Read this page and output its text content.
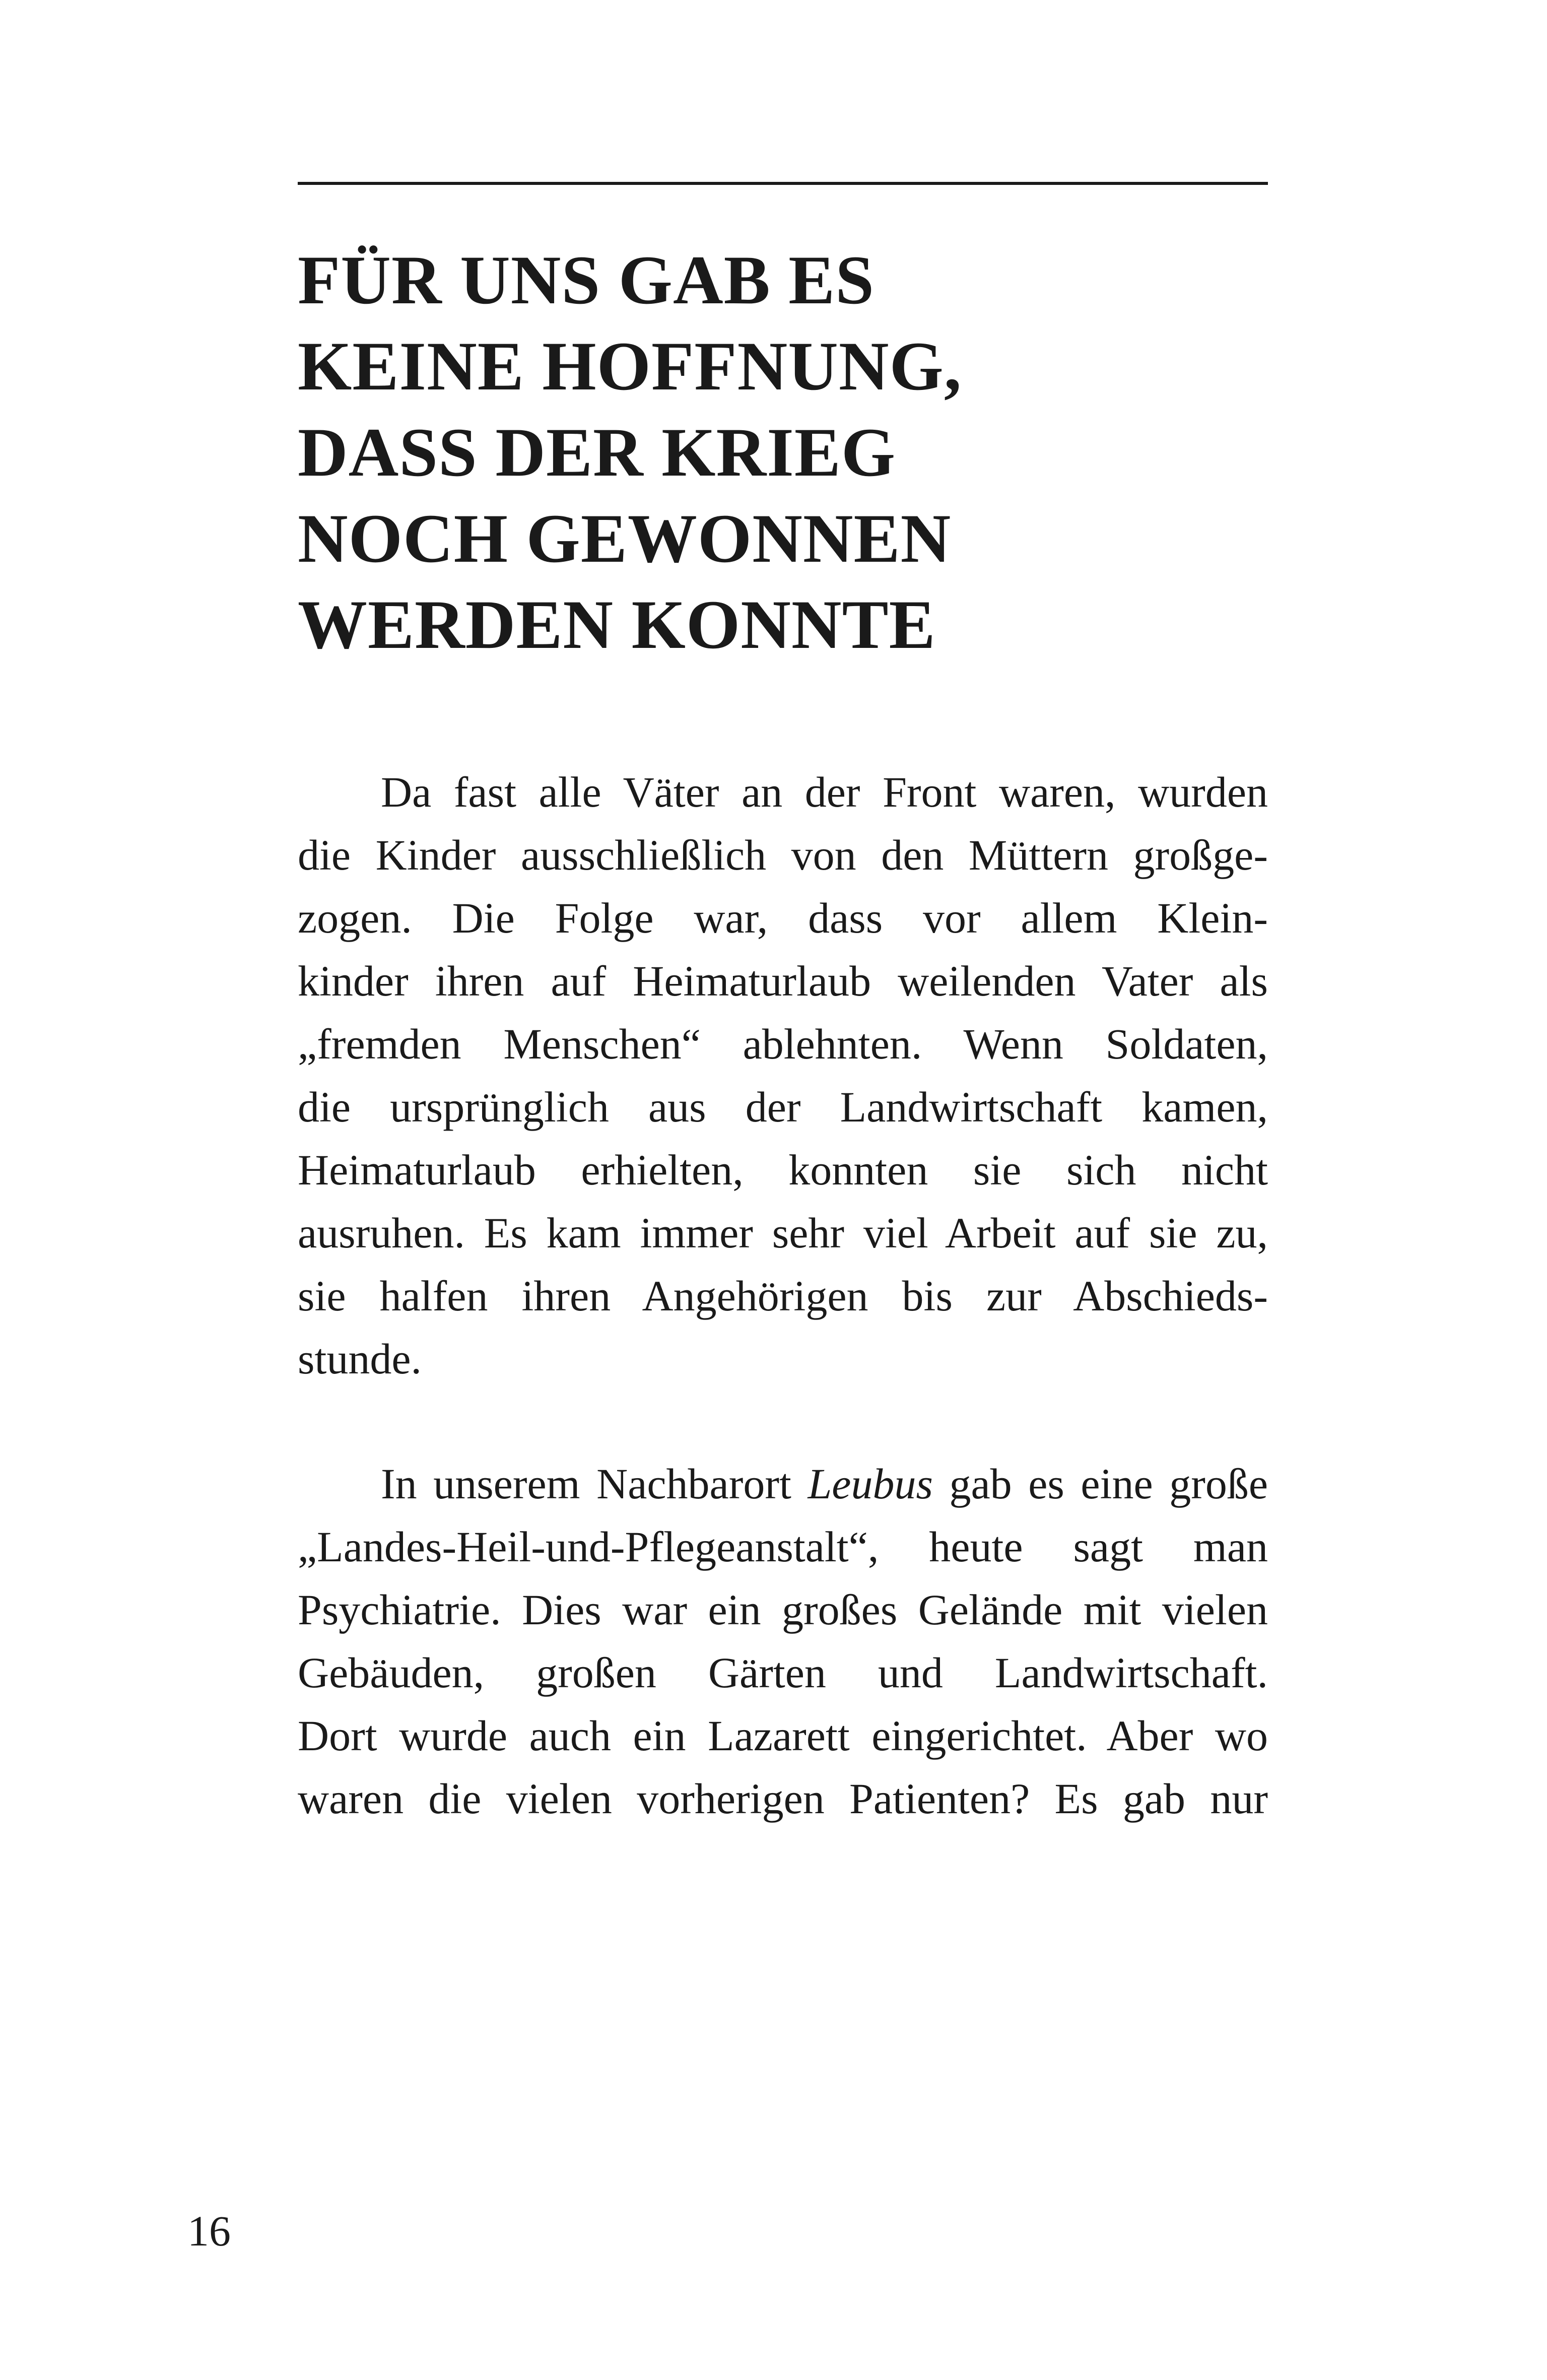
FÜR UNS GAB ES
KEINE HOFFNUNG,
DASS DER KRIEG
NOCH GEWONNEN
WERDEN KONNTE
Da fast alle Väter an der Front waren, wurden
die Kinder ausschließlich von den Müttern großge-
zogen. Die Folge war, dass vor allem Klein-
kinder ihren auf Heimaturlaub weilenden Vater als
„fremden Menschen“ ablehnten. Wenn Soldaten,
die ursprünglich aus der Landwirtschaft kamen,
Heimaturlaub erhielten, konnten sie sich nicht
ausruhen. Es kam immer sehr viel Arbeit auf sie zu,
sie halfen ihren Angehörigen bis zur Abschieds-
stunde.
In unserem Nachbarort Leubus gab es eine große
„Landes-Heil-und-Pflegeanstalt“, heute sagt man
Psychiatrie. Dies war ein großes Gelände mit vielen
Gebäuden, großen Gärten und Landwirtschaft.
Dort wurde auch ein Lazarett eingerichtet. Aber wo
waren die vielen vorherigen Patienten? Es gab nur
16
